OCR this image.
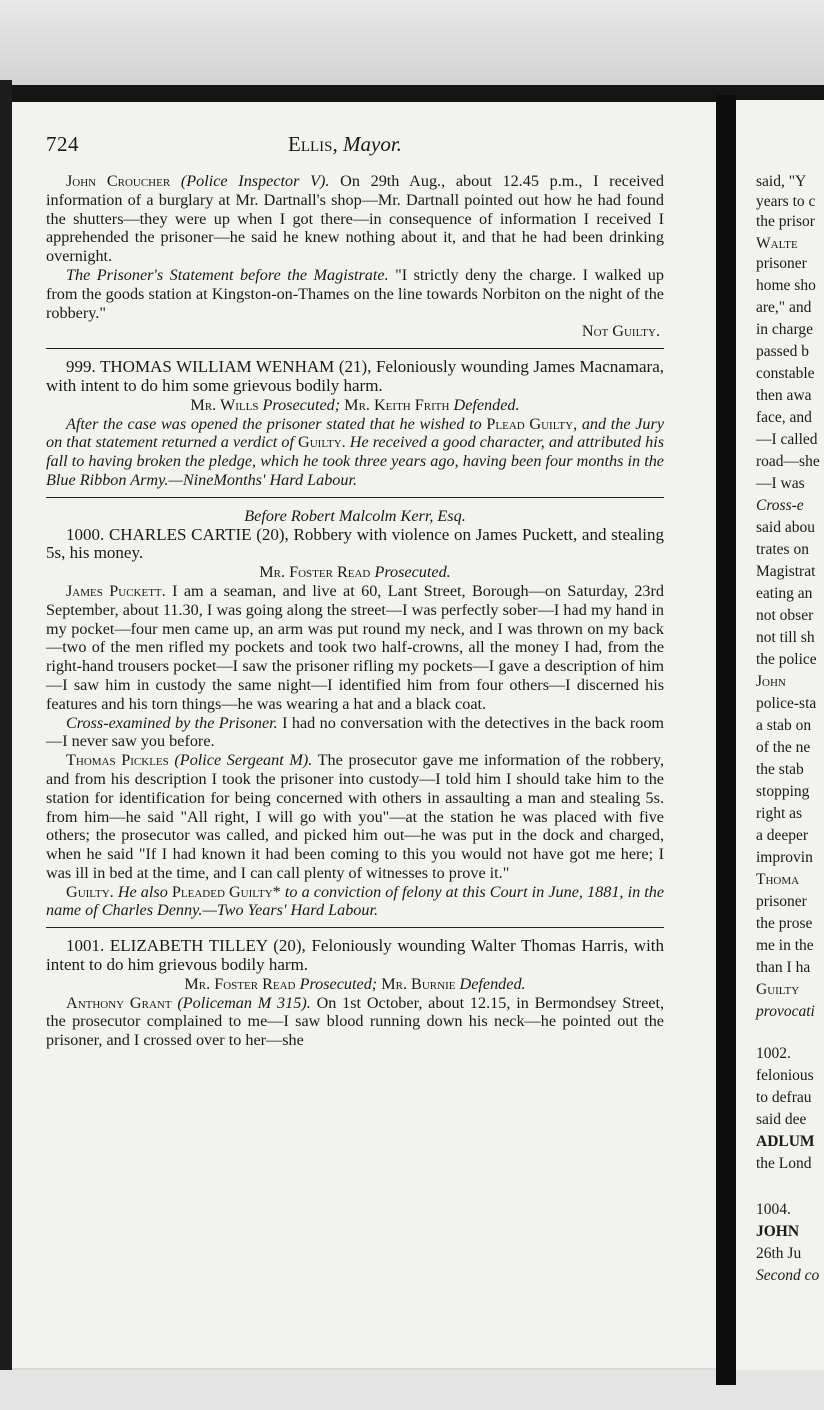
said, "Y
years to c
the prisor
Walte
prisoner
home sho
are," and
in charge
passed b
constable
then awa
face, and
—I called
road—she
—I was
Cross-e
said abou
trates on
Magistrat
eating an
not obser
not till sh
the police
John
police-sta
a stab on
of the ne
the stab
stopping
right as
a deeper
improvin
Thoma
prisoner
the prose
me in the
than I ha
Guilty
provocati
1002.
felonious
to defrau
said dee
ADLUM
the Lond
1004.
JOHN
26th Ju
Second co
724	Ellis, Mayor.

John Croucher (Police Inspector V). On 29th Aug., about 12.45 p.m., I received information of a burglary at Mr. Dartnall's shop—Mr. Dartnall pointed out how he had found the shutters—they were up when I got there—in consequence of information I received I apprehended the prisoner—he said he knew nothing about it, and that he had been drinking overnight.

The Prisoner's Statement before the Magistrate. "I strictly deny the charge. I walked up from the goods station at Kingston-on-Thames on the line towards Norbiton on the night of the robbery."

Not Guilty.

999. THOMAS WILLIAM WENHAM (21), Feloniously wounding James Macnamara, with intent to do him some grievous bodily harm.

Mr. Wills Prosecuted; Mr. Keith Frith Defended.

After the case was opened the prisoner stated that he wished to Plead Guilty, and the Jury on that statement returned a verdict of Guilty. He received a good character, and attributed his fall to having broken the pledge, which he took three years ago, having been four months in the Blue Ribbon Army.—NineMonths' Hard Labour.

Before Robert Malcolm Kerr, Esq.

1000. CHARLES CARTIE (20), Robbery with violence on James Puckett, and stealing 5s, his money.

Mr. Foster Read Prosecuted.

James Puckett. I am a seaman, and live at 60, Lant Street, Borough—on Saturday, 23rd September, about 11.30, I was going along the street—I was perfectly sober—I had my hand in my pocket—four men came up, an arm was put round my neck, and I was thrown on my back—two of the men rifled my pockets and took two half-crowns, all the money I had, from the right-hand trousers pocket—I saw the prisoner rifling my pockets—I gave a description of him—I saw him in custody the same night—I identified him from four others—I discerned his features and his torn things—he was wearing a hat and a black coat.

Cross-examined by the Prisoner. I had no conversation with the detectives in the back room—I never saw you before.

Thomas Pickles (Police Sergeant M). The prosecutor gave me information of the robbery, and from his description I took the prisoner into custody—I told him I should take him to the station for identification for being concerned with others in assaulting a man and stealing 5s. from him—he said "All right, I will go with you"—at the station he was placed with five others; the prosecutor was called, and picked him out—he was put in the dock and charged, when he said "If I had known it had been coming to this you would not have got me here; I was ill in bed at the time, and I can call plenty of witnesses to prove it."

Guilty. He also Pleaded Guilty* to a conviction of felony at this Court in June, 1881, in the name of Charles Denny.—Two Years' Hard Labour.

1001. ELIZABETH TILLEY (20), Feloniously wounding Walter Thomas Harris, with intent to do him grievous bodily harm.

Mr. Foster Read Prosecuted; Mr. Burnie Defended.

Anthony Grant (Policeman M 315). On 1st October, about 12.15, in Bermondsey Street, the prosecutor complained to me—I saw blood running down his neck—he pointed out the prisoner, and I crossed over to her—she
